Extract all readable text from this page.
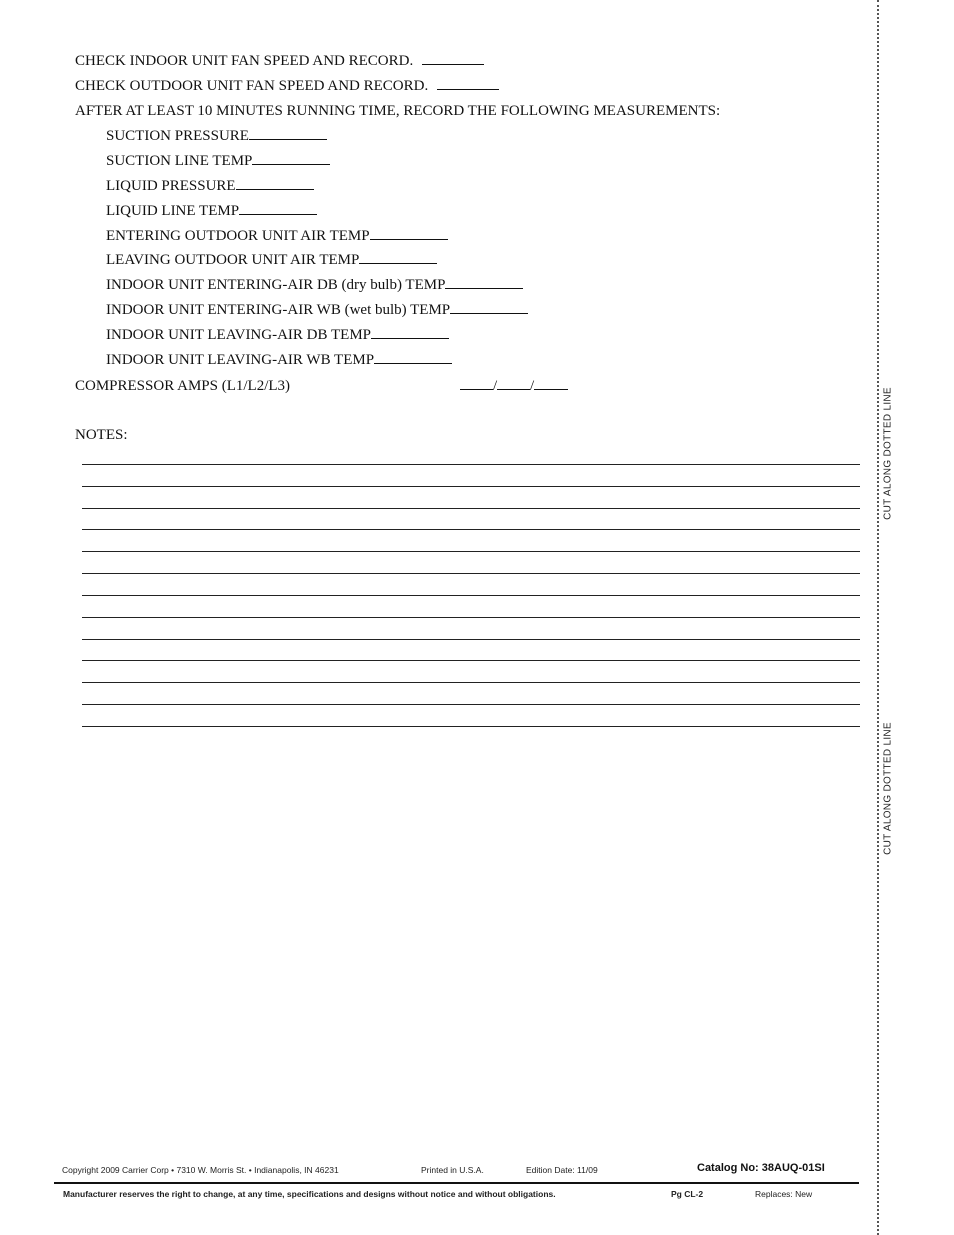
CHECK INDOOR UNIT FAN SPEED AND RECORD.
CHECK OUTDOOR UNIT FAN SPEED AND RECORD.
AFTER AT LEAST 10 MINUTES RUNNING TIME, RECORD THE FOLLOWING MEASUREMENTS:
SUCTION PRESSURE
SUCTION LINE TEMP
LIQUID PRESSURE
LIQUID LINE TEMP
ENTERING OUTDOOR UNIT AIR TEMP
LEAVING OUTDOOR UNIT AIR TEMP
INDOOR UNIT ENTERING-AIR DB (dry bulb) TEMP
INDOOR UNIT ENTERING-AIR WB (wet bulb) TEMP
INDOOR UNIT LEAVING-AIR DB TEMP
INDOOR UNIT LEAVING-AIR WB TEMP
COMPRESSOR AMPS (L1/L2/L3)	/ /
NOTES:	CUT ALONG DOTTED LINE
CUT ALONG DOTTED LINE
Copyright 2009 Carrier Corp • 7310 W. Morris St. • Indianapolis, IN 46231	Printed in U.S.A.	Edition Date: 11/09	Catalog No: 38AUQ-01SI
Manufacturer reserves the right to change, at any time, specifications and designs without notice and without obligations.	Pg CL-2	Replaces: New
